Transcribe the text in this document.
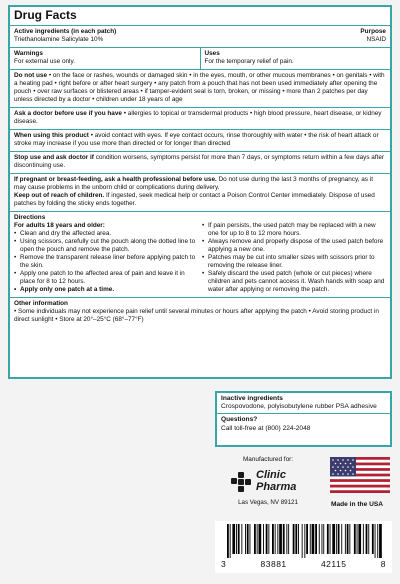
Drug Facts
Active ingredients (in each patch)	Purpose
Triethanolamine Salicylate 10%	NSAID
Warnings
For external use only.
Uses
For the temporary relief of pain.
Do not use • on the face or rashes, wounds or damaged skin • in the eyes, mouth, or other mucous membranes • on genitals • with a heating pad • right before or after heart surgery • any patch from a pouch that has not been used immediately after opening the pouch • over raw surfaces or blistered areas • if tamper-evident seal is torn, broken, or missing • more than 2 patches per day unless directed by a doctor • children under 18 years of age
Ask a doctor before use if you have • allergies to topical or transdermal products • high blood pressure, heart disease, or kidney disease.
When using this product • avoid contact with eyes. If eye contact occurs, rinse thoroughly with water • the risk of heart attack or stroke may increase if you use more than directed or for longer than directed
Stop use and ask doctor if condition worsens, symptoms persist for more than 7 days, or symptoms return within a few days after discontinuing use.
If pregnant or breast-feeding, ask a health professional before use. Do not use during the last 3 months of pregnancy, as it may cause problems in the unborn child or complications during delivery.
Keep out of reach of children. If ingested, seek medical help or contact a Poison Control Center immediately. Dispose of used patches by folding the sticky ends together.
Directions
For adults 18 years and older:
• Clean and dry the affected area.
• Using scissors, carefully cut the pouch along the dotted line to open the pouch and remove the patch.
• Remove the transparent release liner before applying patch to the skin.
• Apply one patch to the affected area of pain and leave it in place for 8 to 12 hours.
• Apply only one patch at a time.
• If pain persists, the used patch may be replaced with a new one for up to 8 to 12 more hours.
• Always remove and properly dispose of the used patch before applying a new one.
• Patches may be cut into smaller sizes with scissors prior to removing the release liner.
• Safely discard the used patch (whole or cut pieces) where children and pets cannot access it. Wash hands with soap and water after applying or removing the patch.
Other information
• Some individuals may not experience pain relief until several minutes or hours after applying the patch • Avoid storing product in direct sunlight • Store at 20°–25°C (68°–77°F)
Inactive ingredients
Crospovodone, polyisobutylene rubber PSA adhesive
Questions?
Call toll-free at (800) 224-2048
Manufactured for:
Clinic
Pharma
Las Vegas, NV 89121	Made in the USA
3	83881	42115	8
